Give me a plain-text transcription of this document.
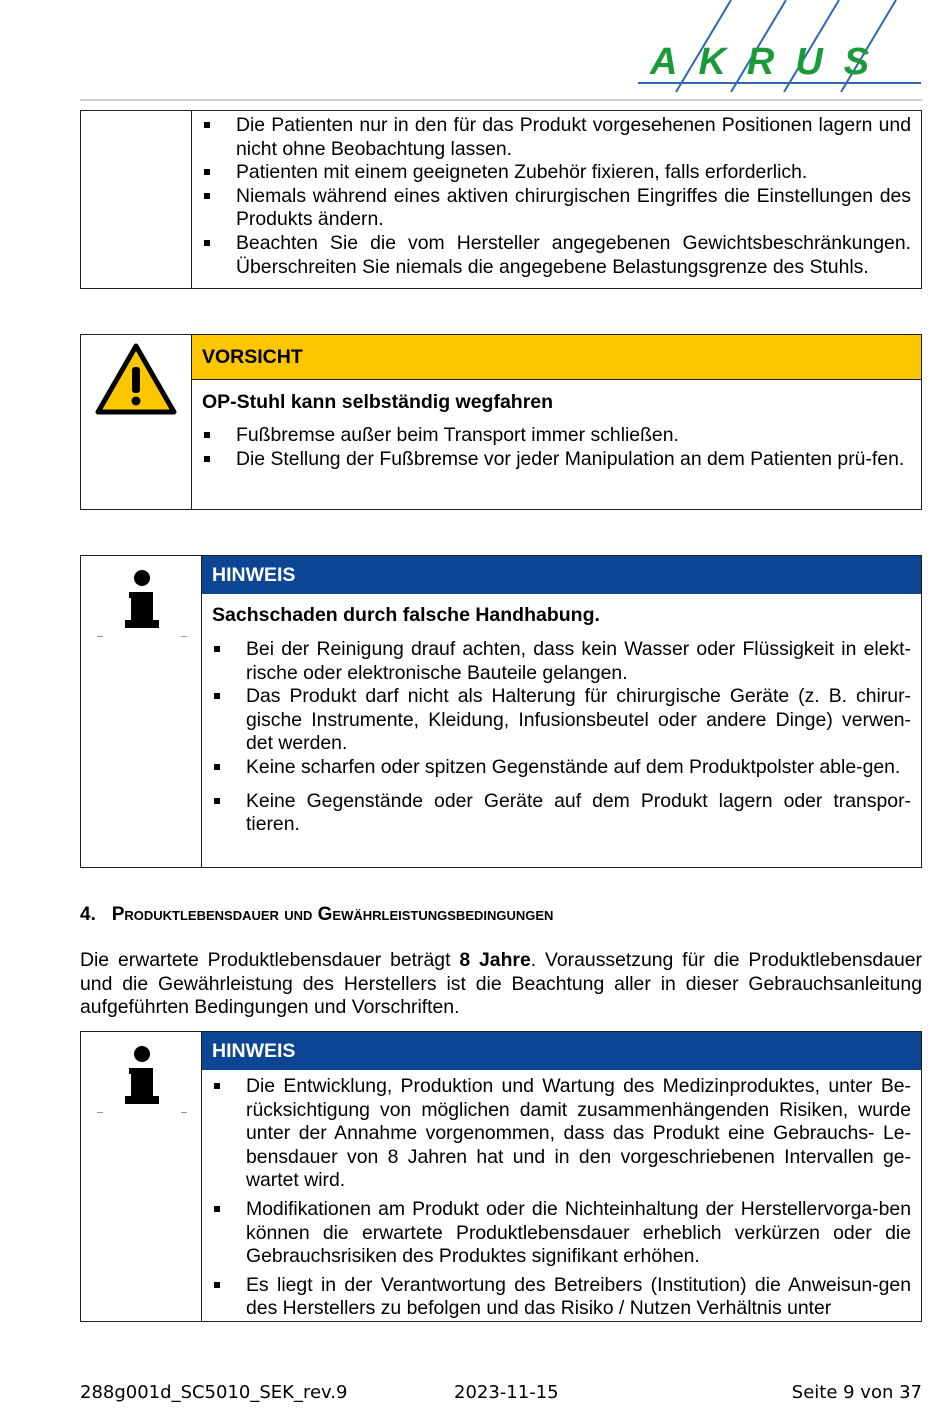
AKRUS
Die Patienten nur in den für das Produkt vorgesehenen Positionen lagern und nicht ohne Beobachtung lassen.
Patienten mit einem geeigneten Zubehör fixieren, falls erforderlich.
Niemals während eines aktiven chirurgischen Eingriffes die Einstellungen des Produkts ändern.
Beachten Sie die vom Hersteller angegebenen Gewichtsbeschränkungen. Überschreiten Sie niemals die angegebene Belastungsgrenze des Stuhls.
VORSICHT
OP-Stuhl kann selbständig wegfahren
Fußbremse außer beim Transport immer schließen.
Die Stellung der Fußbremse vor jeder Manipulation an dem Patienten prü-fen.
HINWEIS
Sachschaden durch falsche Handhabung.
Bei der Reinigung drauf achten, dass kein Wasser oder Flüssigkeit in elekt-rische oder elektronische Bauteile gelangen.
Das Produkt darf nicht als Halterung für chirurgische Geräte (z. B. chirur-gische Instrumente, Kleidung, Infusionsbeutel oder andere Dinge) verwen-det werden.
Keine scharfen oder spitzen Gegenstände auf dem Produktpolster able-gen.
Keine Gegenstände oder Geräte auf dem Produkt lagern oder transpor-tieren.
4. Produktlebensdauer und Gewährleistungsbedingungen
Die erwartete Produktlebensdauer beträgt 8 Jahre. Voraussetzung für die Produktlebensdauer und die Gewährleistung des Herstellers ist die Beachtung aller in dieser Gebrauchsanleitung aufgeführten Bedingungen und Vorschriften.
HINWEIS
Die Entwicklung, Produktion und Wartung des Medizinproduktes, unter Be-rücksichtigung von möglichen damit zusammenhängenden Risiken, wurde unter der Annahme vorgenommen, dass das Produkt eine Gebrauchs- Le-bensdauer von 8 Jahren hat und in den vorgeschriebenen Intervallen ge-wartet wird.
Modifikationen am Produkt oder die Nichteinhaltung der Herstellervorga-ben können die erwartete Produktlebensdauer erheblich verkürzen oder die Gebrauchsrisiken des Produktes signifikant erhöhen.
Es liegt in der Verantwortung des Betreibers (Institution) die Anweisun-gen des Herstellers zu befolgen und das Risiko / Nutzen Verhältnis unter
288g001d_SC5010_SEK_rev.9	2023-11-15	Seite 9 von 37
